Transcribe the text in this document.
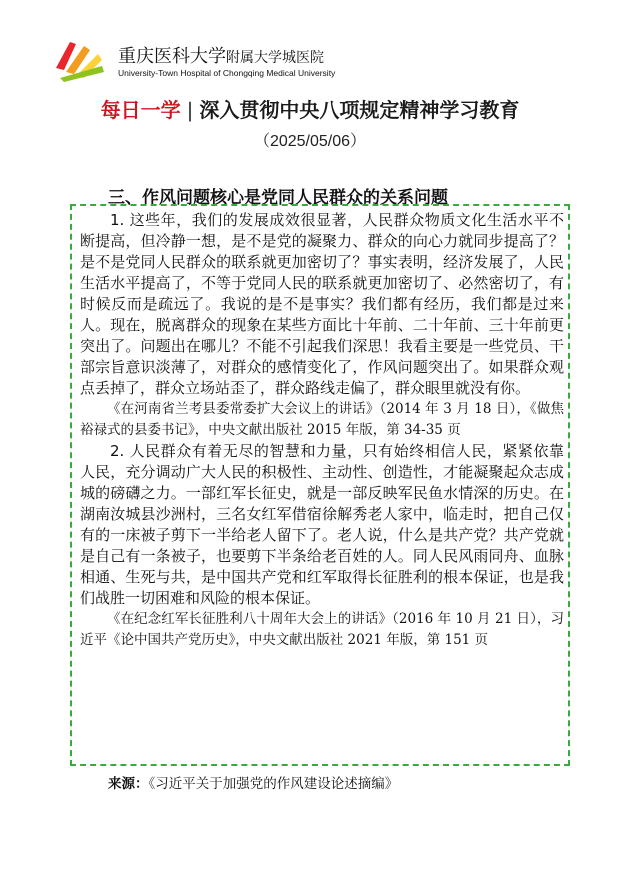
重庆医科大学附属大学城医院
University-Town Hospital of Chongqing Medical University
每日一学 | 深入贯彻中央八项规定精神学习教育
（2025/05/06）
三、作风问题核心是党同人民群众的关系问题

1. 这些年，我们的发展成效很显著，人民群众物质文化生活水平不断提高，但冷静一想，是不是党的凝聚力、群众的向心力就同步提高了？是不是党同人民群众的联系就更加密切了？事实表明，经济发展了，人民生活水平提高了，不等于党同人民的联系就更加密切了、必然密切了，有时候反而是疏远了。我说的是不是事实？我们都有经历，我们都是过来人。现在，脱离群众的现象在某些方面比十年前、二十年前、三十年前更突出了。问题出在哪儿？不能不引起我们深思！我看主要是一些党员、干部宗旨意识淡薄了，对群众的感情变化了，作风问题突出了。如果群众观点丢掉了，群众立场站歪了，群众路线走偏了，群众眼里就没有你。

《在河南省兰考县委常委扩大会议上的讲话》（2014 年 3 月 18 日），《做焦裕禄式的县委书记》，中央文献出版社 2015 年版，第 34-35 页

2. 人民群众有着无尽的智慧和力量，只有始终相信人民，紧紧依靠人民，充分调动广大人民的积极性、主动性、创造性，才能凝聚起众志成城的磅礴之力。一部红军长征史，就是一部反映军民鱼水情深的历史。在湖南汝城县沙洲村，三名女红军借宿徐解秀老人家中，临走时，把自己仅有的一床被子剪下一半给老人留下了。老人说，什么是共产党？共产党就是自己有一条被子，也要剪下半条给老百姓的人。同人民风雨同舟、血脉相通、生死与共，是中国共产党和红军取得长征胜利的根本保证，也是我们战胜一切困难和风险的根本保证。

《在纪念红军长征胜利八十周年大会上的讲话》（2016 年 10 月 21 日），习近平《论中国共产党历史》，中央文献出版社 2021 年版，第 151 页

来源：《习近平关于加强党的作风建设论述摘编》
